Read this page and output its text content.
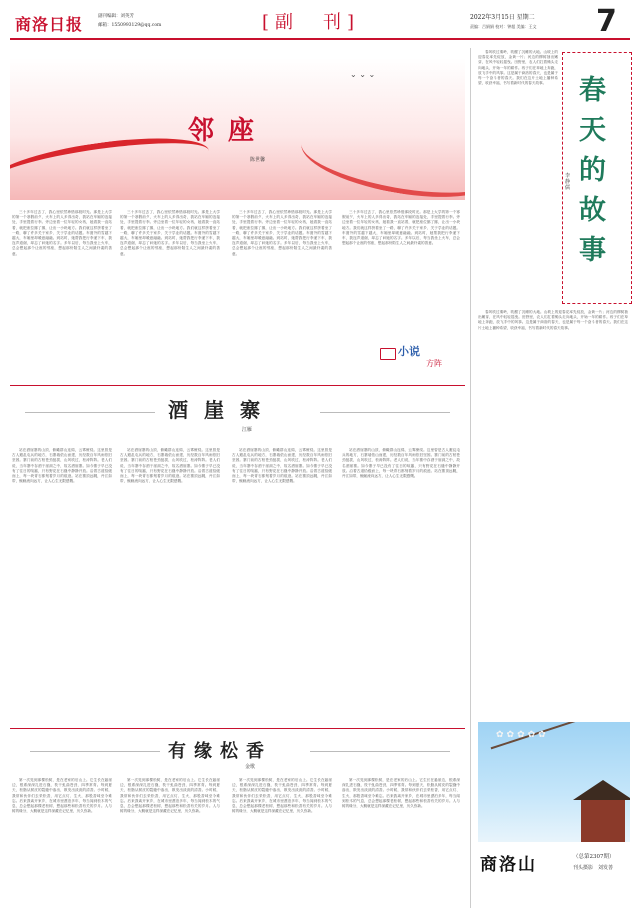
商洛日报	副刊编辑：刘英芳
邮箱：1550993129@qq.com	[副　刊]	2022年3月15日 星期二
责编：吕娟娟 校对：钟超 美编：王文 7
⌄ ⌄ ⌄
邻座
陈世馨
三十多年过去了，我心里依然珍惜那段时光。那是上大学的第一个寒假前夕，火车上的人多得出奇，我站在车厢的连接处，手里提着行李。旁边坐着一位年轻的女孩，她看我一直站着，就把座位挪了挪，让出一小块地方。我们就这样挤着坐了一路，聊了许多关于家乡、关于学业的话题。车窗外的雪越下越大，车厢里却暖意融融。到站时，她帮我把行李递下车，我连声道谢，却忘了问她的名字。多年以后，每当我坐上火车，总会想起那个让座的邻座，想起那份陌生人之间最朴素的善意。
三十多年过去了，我心里依然珍惜那段时光。那是上大学的第一个寒假前夕，火车上的人多得出奇，我站在车厢的连接处，手里提着行李。旁边坐着一位年轻的女孩，她看我一直站着，就把座位挪了挪，让出一小块地方。我们就这样挤着坐了一路，聊了许多关于家乡、关于学业的话题。车窗外的雪越下越大，车厢里却暖意融融。到站时，她帮我把行李递下车，我连声道谢，却忘了问她的名字。多年以后，每当我坐上火车，总会想起那个让座的邻座，想起那份陌生人之间最朴素的善意。
三十多年过去了，我心里依然珍惜那段时光。那是上大学的第一个寒假前夕，火车上的人多得出奇，我站在车厢的连接处，手里提着行李。旁边坐着一位年轻的女孩，她看我一直站着，就把座位挪了挪，让出一小块地方。我们就这样挤着坐了一路，聊了许多关于家乡、关于学业的话题。车窗外的雪越下越大，车厢里却暖意融融。到站时，她帮我把行李递下车，我连声道谢，却忘了问她的名字。多年以后，每当我坐上火车，总会想起那个让座的邻座，想起那份陌生人之间最朴素的善意。
三十多年过去了，我心里依然珍惜那段时光。那是上大学的第一个寒假前夕，火车上的人多得出奇，我站在车厢的连接处，手里提着行李。旁边坐着一位年轻的女孩，她看我一直站着，就把座位挪了挪，让出一小块地方。我们就这样挤着坐了一路，聊了许多关于家乡、关于学业的话题。车窗外的雪越下越大，车厢里却暖意融融。到站时，她帮我把行李递下车，我连声道谢，却忘了问她的名字。多年以后，每当我坐上火车，总会想起那个让座的邻座，想起那份陌生人之间最朴素的善意。
小说
方阵
酒崖寨
江雁
站在酒崖寨的山顶，俯瞰群山连绵，云雾缭绕。这里曾是古人避乱屯兵的地方，石寨墙依山而建，历经数百年风雨依旧坚固。寨门前的古柏苍劲挺拔，山风吹过，松涛阵阵。老人们说，当年寨中存酒于崖洞之中，故名酒崖寨。如今寨子早已没有了往日的喧嚣，只有野花在石缝中静静开放。沿着古道拾级而上，每一块青石都刻着岁月的痕迹。站在寨顶远眺，丹江如带，蜿蜒流向远方，让人心生无限感慨。
站在酒崖寨的山顶，俯瞰群山连绵，云雾缭绕。这里曾是古人避乱屯兵的地方，石寨墙依山而建，历经数百年风雨依旧坚固。寨门前的古柏苍劲挺拔，山风吹过，松涛阵阵。老人们说，当年寨中存酒于崖洞之中，故名酒崖寨。如今寨子早已没有了往日的喧嚣，只有野花在石缝中静静开放。沿着古道拾级而上，每一块青石都刻着岁月的痕迹。站在寨顶远眺，丹江如带，蜿蜒流向远方，让人心生无限感慨。
站在酒崖寨的山顶，俯瞰群山连绵，云雾缭绕。这里曾是古人避乱屯兵的地方，石寨墙依山而建，历经数百年风雨依旧坚固。寨门前的古柏苍劲挺拔，山风吹过，松涛阵阵。老人们说，当年寨中存酒于崖洞之中，故名酒崖寨。如今寨子早已没有了往日的喧嚣，只有野花在石缝中静静开放。沿着古道拾级而上，每一块青石都刻着岁月的痕迹。站在寨顶远眺，丹江如带，蜿蜒流向远方，让人心生无限感慨。
站在酒崖寨的山顶，俯瞰群山连绵，云雾缭绕。这里曾是古人避乱屯兵的地方，石寨墙依山而建，历经数百年风雨依旧坚固。寨门前的古柏苍劲挺拔，山风吹过，松涛阵阵。老人们说，当年寨中存酒于崖洞之中，故名酒崖寨。如今寨子早已没有了往日的喧嚣，只有野花在石缝中静静开放。沿着古道拾级而上，每一块青石都刻着岁月的痕迹。站在寨顶远眺，丹江如带，蜿蜒流向远方，让人心生无限感慨。
有缘松香
金歌
第一次见到那棵松树，是在老家的后山上。它生长在悬崖边，根系深深扎进石缝，枝干虬曲苍劲，四季常青。每到夏天，松脂从树皮的裂缝中渗出，散发出淡淡的清香。小时候，我常和伙伴们去采松香，用它点灯、生火，那股香味至今难忘。后来我离开家乡，在城市里漂泊多年，每当闻到松木的气息，总会想起那棵老松树，想起那些和松香有关的岁月。人与树的缘分，大概就是这样深藏在记忆里，历久弥新。
第一次见到那棵松树，是在老家的后山上。它生长在悬崖边，根系深深扎进石缝，枝干虬曲苍劲，四季常青。每到夏天，松脂从树皮的裂缝中渗出，散发出淡淡的清香。小时候，我常和伙伴们去采松香，用它点灯、生火，那股香味至今难忘。后来我离开家乡，在城市里漂泊多年，每当闻到松木的气息，总会想起那棵老松树，想起那些和松香有关的岁月。人与树的缘分，大概就是这样深藏在记忆里，历久弥新。
第一次见到那棵松树，是在老家的后山上。它生长在悬崖边，根系深深扎进石缝，枝干虬曲苍劲，四季常青。每到夏天，松脂从树皮的裂缝中渗出，散发出淡淡的清香。小时候，我常和伙伴们去采松香，用它点灯、生火，那股香味至今难忘。后来我离开家乡，在城市里漂泊多年，每当闻到松木的气息，总会想起那棵老松树，想起那些和松香有关的岁月。人与树的缘分，大概就是这样深藏在记忆里，历久弥新。
第一次见到那棵松树，是在老家的后山上。它生长在悬崖边，根系深深扎进石缝，枝干虬曲苍劲，四季常青。每到夏天，松脂从树皮的裂缝中渗出，散发出淡淡的清香。小时候，我常和伙伴们去采松香，用它点灯、生火，那股香味至今难忘。后来我离开家乡，在城市里漂泊多年，每当闻到松木的气息，总会想起那棵老松树，想起那些和松香有关的岁月。人与树的缘分，大概就是这样深藏在记忆里，历久弥新。
春风吹过秦岭，吹醒了沉睡的大地。山坡上的迎春花率先绽放，金黄一片；河边的柳树抽出嫩芽，在风中轻轻摇曳。田野里，农人们扛着锄头走向地头，开始一年的耕作。孩子们在草地上奔跑，放飞手中的风筝。这是属于商洛的春天，也是属于每一个奋斗者的春天。我们在这片土地上播种希望，收获幸福，书写着新时代的春天故事。	春天的故事
李静儒
春风吹过秦岭，吹醒了沉睡的大地。山坡上的迎春花率先绽放，金黄一片；河边的柳树抽出嫩芽，在风中轻轻摇曳。田野里，农人们扛着锄头走向地头，开始一年的耕作。孩子们在草地上奔跑，放飞手中的风筝。这是属于商洛的春天，也是属于每一个奋斗者的春天。我们在这片土地上播种希望，收获幸福，书写着新时代的春天故事。
✿✿✿✿✿
商洛山	（总第2307期）
刊头摄影　刘发善
